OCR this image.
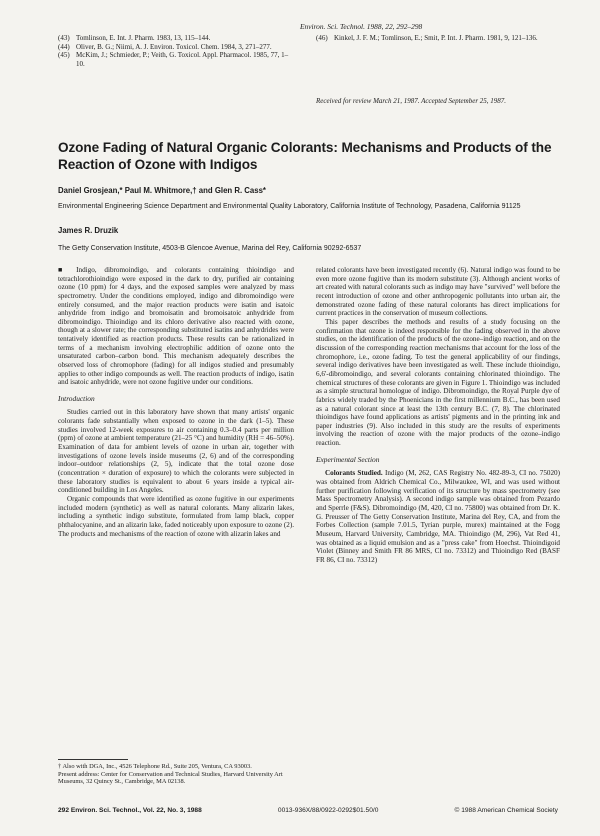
Environ. Sci. Technol. 1988, 22, 292–298
(43) Tomlinson, E. Int. J. Pharm. 1983, 13, 115–144.
(44) Oliver, B. G.; Niimi, A. J. Environ. Toxicol. Chem. 1984, 3, 271–277.
(45) McKim, J.; Schmieder, P.; Veith, G. Toxicol. Appl. Pharmacol. 1985, 77, 1–10.
(46) Kinkel, J. F. M.; Tomlinson, E.; Smit, P. Int. J. Pharm. 1981, 9, 121–136.
Received for review March 21, 1987. Accepted September 25, 1987.
Ozone Fading of Natural Organic Colorants: Mechanisms and Products of the Reaction of Ozone with Indigos
Daniel Grosjean,* Paul M. Whitmore,† and Glen R. Cass*
Environmental Engineering Science Department and Environmental Quality Laboratory, California Institute of Technology, Pasadena, California 91125
James R. Druzik
The Getty Conservation Institute, 4503-B Glencoe Avenue, Marina del Rey, California 90292-6537
■ Indigo, dibromoindigo, and colorants containing thioindigo and tetrachlorothioindigo were exposed in the dark to dry, purified air containing ozone (10 ppm) for 4 days, and the exposed samples were analyzed by mass spectrometry. Under the conditions employed, indigo and dibromoindigo were entirely consumed, and the major reaction products were isatin and isatoic anhydride from indigo and bromoisatin and bromoisatoic anhydride from dibromoindigo. Thioindigo and its chloro derivative also reacted with ozone, though at a slower rate; the corresponding substituted isatins and anhydrides were tentatively identified as reaction products. These results can be rationalized in terms of a mechanism involving electrophilic addition of ozone onto the unsaturated carbon–carbon bond. This mechanism adequately describes the observed loss of chromophore (fading) for all indigos studied and presumably applies to other indigo compounds as well. The reaction products of indigo, isatin and isatoic anhydride, were not ozone fugitive under our conditions.
Introduction

Studies carried out in this laboratory have shown that many artists' organic colorants fade substantially when exposed to ozone in the dark (1–5). These studies involved 12-week exposures to air containing 0.3–0.4 parts per million (ppm) of ozone at ambient temperature (21–25 °C) and humidity (RH = 46–50%). Examination of data for ambient levels of ozone in urban air, together with investigations of ozone levels inside museums (2, 6) and of the corresponding indoor–outdoor relationships (2, 5), indicate that the total ozone dose (concentration × duration of exposure) to which the colorants were subjected in these laboratory studies is equivalent to about 6 years inside a typical air-conditioned building in Los Angeles.

Organic compounds that were identified as ozone fugitive in our experiments included modern (synthetic) as well as natural colorants. Many alizarin lakes, including a synthetic indigo substitute, formulated from lamp black, copper phthalocyanine, and an alizarin lake, faded noticeably upon exposure to ozone (2). The products and mechanisms of the reaction of ozone with alizarin lakes and

† Also with DGA, Inc., 4526 Telephone Rd., Suite 205, Ventura, CA 93003.
Present address: Center for Conservation and Technical Studies, Harvard University Art Museums, 32 Quincy St., Cambridge, MA 02138.

related colorants have been investigated recently (6). Natural indigo was found to be even more ozone fugitive than its modern substitute (3). Although ancient works of art created with natural colorants such as indigo may have "survived" well before the recent introduction of ozone and other anthropogenic pollutants into urban air, the demonstrated ozone fading of these natural colorants has direct implications for current practices in the conservation of museum collections.

This paper describes the methods and results of a study focusing on the confirmation that ozone is indeed responsible for the fading observed in the above studies, on the identification of the products of the ozone–indigo reaction, and on the discussion of the corresponding reaction mechanisms that account for the loss of the chromophore, i.e., ozone fading. To test the general applicability of our findings, several indigo derivatives have been investigated as well. These include thioindigo, 6,6'-dibromoindigo, and several colorants containing chlorinated thioindigo. The chemical structures of these colorants are given in Figure 1. Thioindigo was included as a simple structural homologue of indigo. Dibromoindigo, the Royal Purple dye of fabrics widely traded by the Phoenicians in the first millennium B.C., has been used as a natural colorant since at least the 13th century B.C. (7, 8). The chlorinated thioindigos have found applications as artists' pigments and in the printing ink and paper industries (9). Also included in this study are the results of experiments involving the reaction of ozone with the major products of the ozone–indigo reaction.

Experimental Section

Colorants Studied. Indigo (M, 262, CAS Registry No. 482-89-3, CI no. 75020) was obtained from Aldrich Chemical Co., Milwaukee, WI, and was used without further purification following verification of its structure by mass spectrometry (see Mass Spectrometry Analysis). A second indigo sample was obtained from Pezardo and Sperrle (F&S). Dibromoindigo (M, 420, CI no. 75800) was obtained from Dr. K. G. Preusser of The Getty Conservation Institute, Marina del Rey, CA, and from the Forbes Collection (sample 7.01.5, Tyrian purple, murex) maintained at the Fogg Museum, Harvard University, Cambridge, MA. Thioindigo (M, 296), Vat Red 41, was obtained as a liquid emulsion and as a "press cake" from Hoechst. Thioindigoid Violet (Binney and Smith FR 86 MRS, CI no. 73312) and Thioindigo Red (BASF FR 86, CI no. 73312)

292 Environ. Sci. Technol., Vol. 22, No. 3, 1988	0013-936X/88/0922-0292$01.50/0	© 1988 American Chemical Society
